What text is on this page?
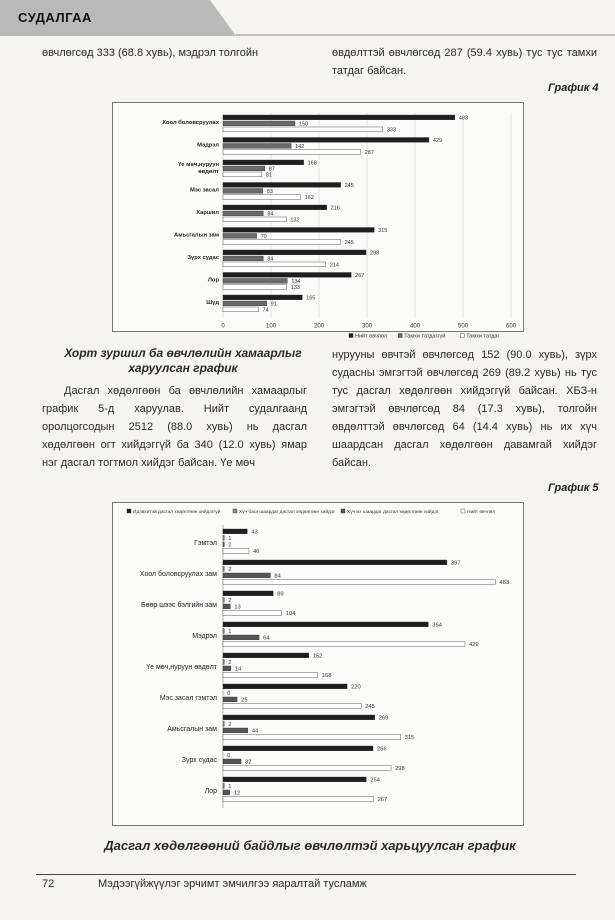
СУДАЛГАА

өвчлөгсөд 333 (68.8 хувь), мэдрэл толгойн	өвдөлттэй өвчлөгсөд 287 (59.4 хувь) тус тус тамхи татдаг байсан.

График 4
0	100	200	300	400	500	600
Хоол боловсруулах
483
150
333
Мэдрэл
429
142
287
Үе мөч,нуруун
өвдөлт
168
87
81
Мэс засал
245
83
162
Харшил
216
84
132
Амьсгалын зам
315
70
245
Зүрх судас
298
84
214
Лор
267
134
133
Шүд
165
91
74
Нийт өвчлөл	Тамхи татдаггүй	Тамхи татдаг
Хорт зуршил ба өвчлөлийн хамаарлыг харуулсан график

Дасгал хөдөлгөөн ба өвчлөлийн хамаарлыг график 5-д харуулав. Нийт судалгаанд оролцогсодын 2512 (88.0 хувь) нь дасгал хөдөлгөөн огт хийдэггүй ба 340 (12.0 хувь) ямар нэг дасгал тогтмол хийдэг байсан. Үе мөч

нурууны өвчтэй өвчлөгсөд 152 (90.0 хувь), зүрх судасны эмгэгтэй өвчлөгсөд 269 (89.2 хувь) нь тус тус дасгал хөдөлгөөн хийдэггүй байсан. ХБЗ-н эмгэгтэй өвчлөгсөд 84 (17.3 хувь), толгойн өвдөлттэй өвчлөгсөд 64 (14.4 хувь) нь их хүч шаардсан дасгал хөдөлгөөн давамгай хийдэг байсан.

График 5
Идэвхитэй дасгал хөдөлгөөн хийдэггүй	Хүч бага шаардаг дасгал хөдөлгөөн хийдэг Хүч их шаардаг дасгал хөдөлгөөн хийдэг	Нийт өвчлөл
Гэмтэл
43
1
2
46
Хоол боловсруулах зам
397
2
84
483
Бөөр шээс бэлгийн зам
89
2
13
104
Мэдрэл
364
1
64
429
Үе мөч,нуруун өвдөлт
152
2
14
168
Мэс засал гэмтэл
220
0
25
245
Амьсгалын зам
269
2
44
315
Зүрх судас
266
0
32
298
Лор
254
1
12
267
Дасгал хөдөлгөөний байдлыг өвчлөлтэй харьцуулсан график
72	Мэдээгүйжүүлэг эрчимт эмчилгээ яаралтай тусламж
